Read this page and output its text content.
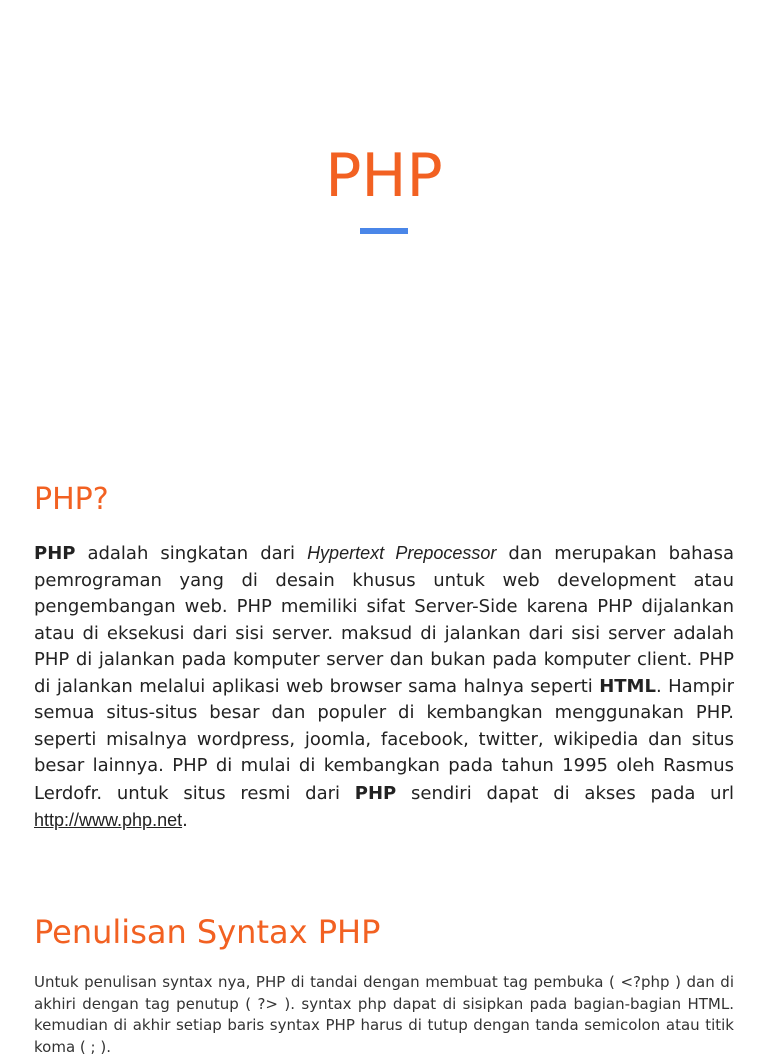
PHP
PHP?

PHP adalah singkatan dari Hypertext Prepocessor dan merupakan bahasa pemrograman yang di desain khusus untuk web development atau pengembangan web. PHP memiliki sifat Server-Side karena PHP dijalankan atau di eksekusi dari sisi server. maksud di jalankan dari sisi server adalah PHP di jalankan pada komputer server dan bukan pada komputer client. PHP di jalankan melalui aplikasi web browser sama halnya seperti HTML. Hampir semua situs-situs besar dan populer di kembangkan menggunakan PHP. seperti misalnya wordpress, joomla, facebook, twitter, wikipedia dan situs besar lainnya. PHP di mulai di kembangkan pada tahun 1995 oleh Rasmus Lerdofr. untuk situs resmi dari PHP sendiri dapat di akses pada url http://www.php.net.

Penulisan Syntax PHP

Untuk penulisan syntax nya, PHP di tandai dengan membuat tag pembuka ( <?php ) dan di akhiri dengan tag penutup ( ?> ). syntax php dapat di sisipkan pada bagian-bagian HTML. kemudian di akhir setiap baris syntax PHP harus di tutup dengan tanda semicolon atau titik koma ( ; ).
